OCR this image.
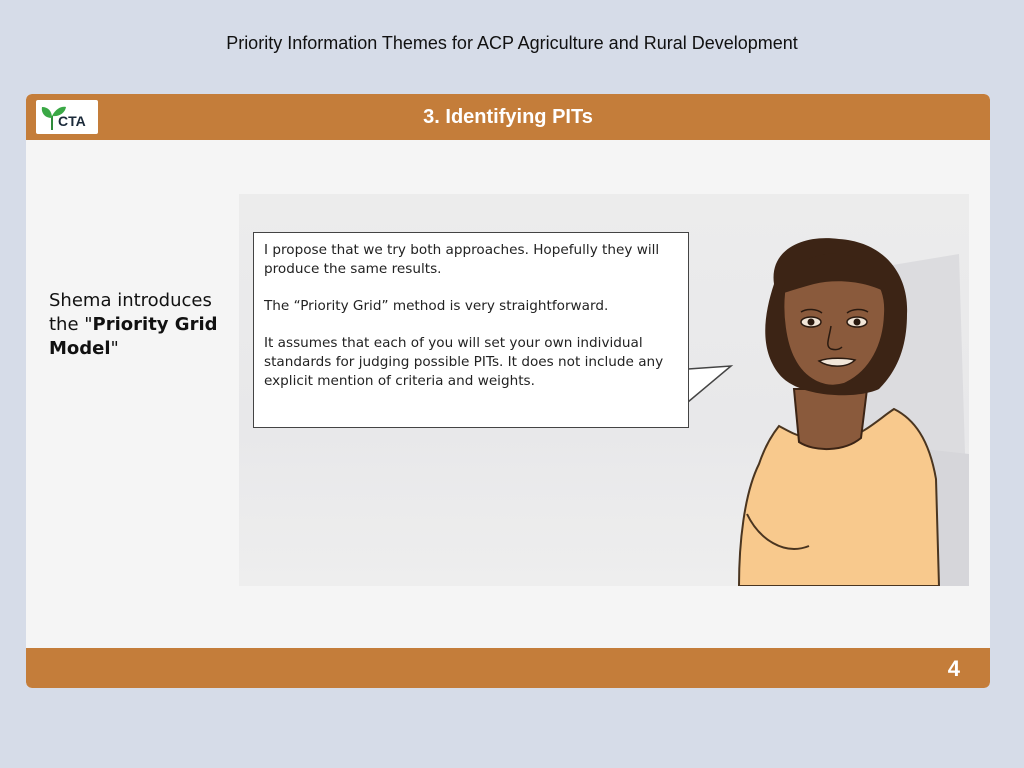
Priority Information Themes for ACP Agriculture and Rural Development
CTA	3. Identifying PITs
Shema introduces the "Priority Grid Model"

I propose that we try both approaches. Hopefully they will produce the same results.

The “Priority Grid” method is very straightforward.

It assumes that each of you will set your own individual standards for judging possible PITs. It does not include any explicit mention of criteria and weights.

4
